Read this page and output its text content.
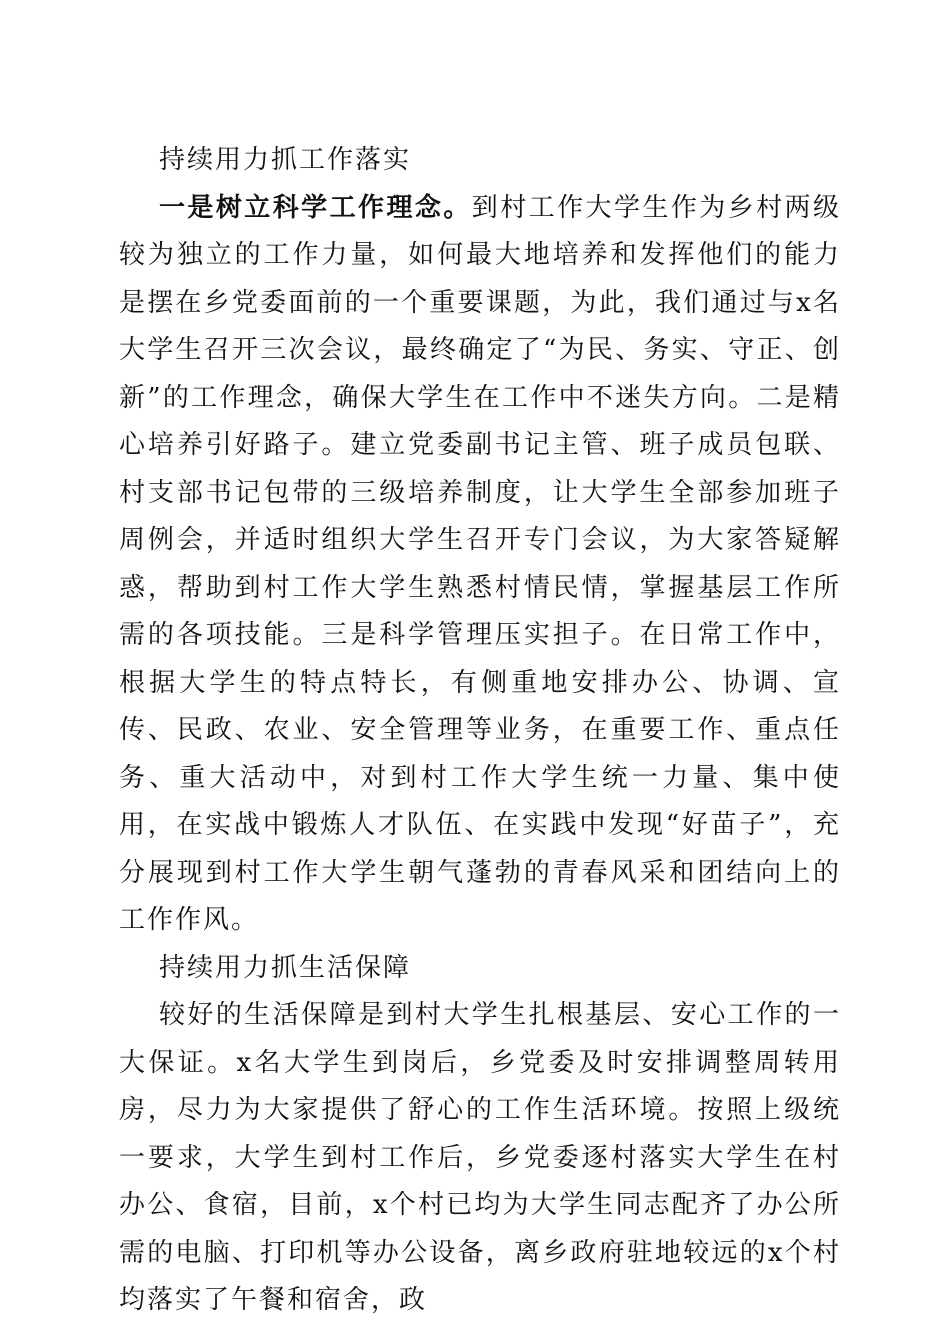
持续用力抓工作落实

一是树立科学工作理念。到村工作大学生作为乡村两级较为独立的工作力量，如何最大地培养和发挥他们的能力是摆在乡党委面前的一个重要课题，为此，我们通过与x名大学生召开三次会议，最终确定了“为民、务实、守正、创新”的工作理念，确保大学生在工作中不迷失方向。二是精心培养引好路子。建立党委副书记主管、班子成员包联、村支部书记包带的三级培养制度，让大学生全部参加班子周例会，并适时组织大学生召开专门会议，为大家答疑解惑，帮助到村工作大学生熟悉村情民情，掌握基层工作所需的各项技能。三是科学管理压实担子。在日常工作中，根据大学生的特点特长，有侧重地安排办公、协调、宣传、民政、农业、安全管理等业务，在重要工作、重点任务、重大活动中，对到村工作大学生统一力量、集中使用，在实战中锻炼人才队伍、在实践中发现“好苗子”，充分展现到村工作大学生朝气蓬勃的青春风采和团结向上的工作作风。

持续用力抓生活保障

较好的生活保障是到村大学生扎根基层、安心工作的一大保证。x名大学生到岗后，乡党委及时安排调整周转用房，尽力为大家提供了舒心的工作生活环境。按照上级统一要求，大学生到村工作后，乡党委逐村落实大学生在村办公、食宿，目前，x个村已均为大学生同志配齐了办公所需的电脑、打印机等办公设备，离乡政府驻地较远的x个村均落实了午餐和宿舍，政
